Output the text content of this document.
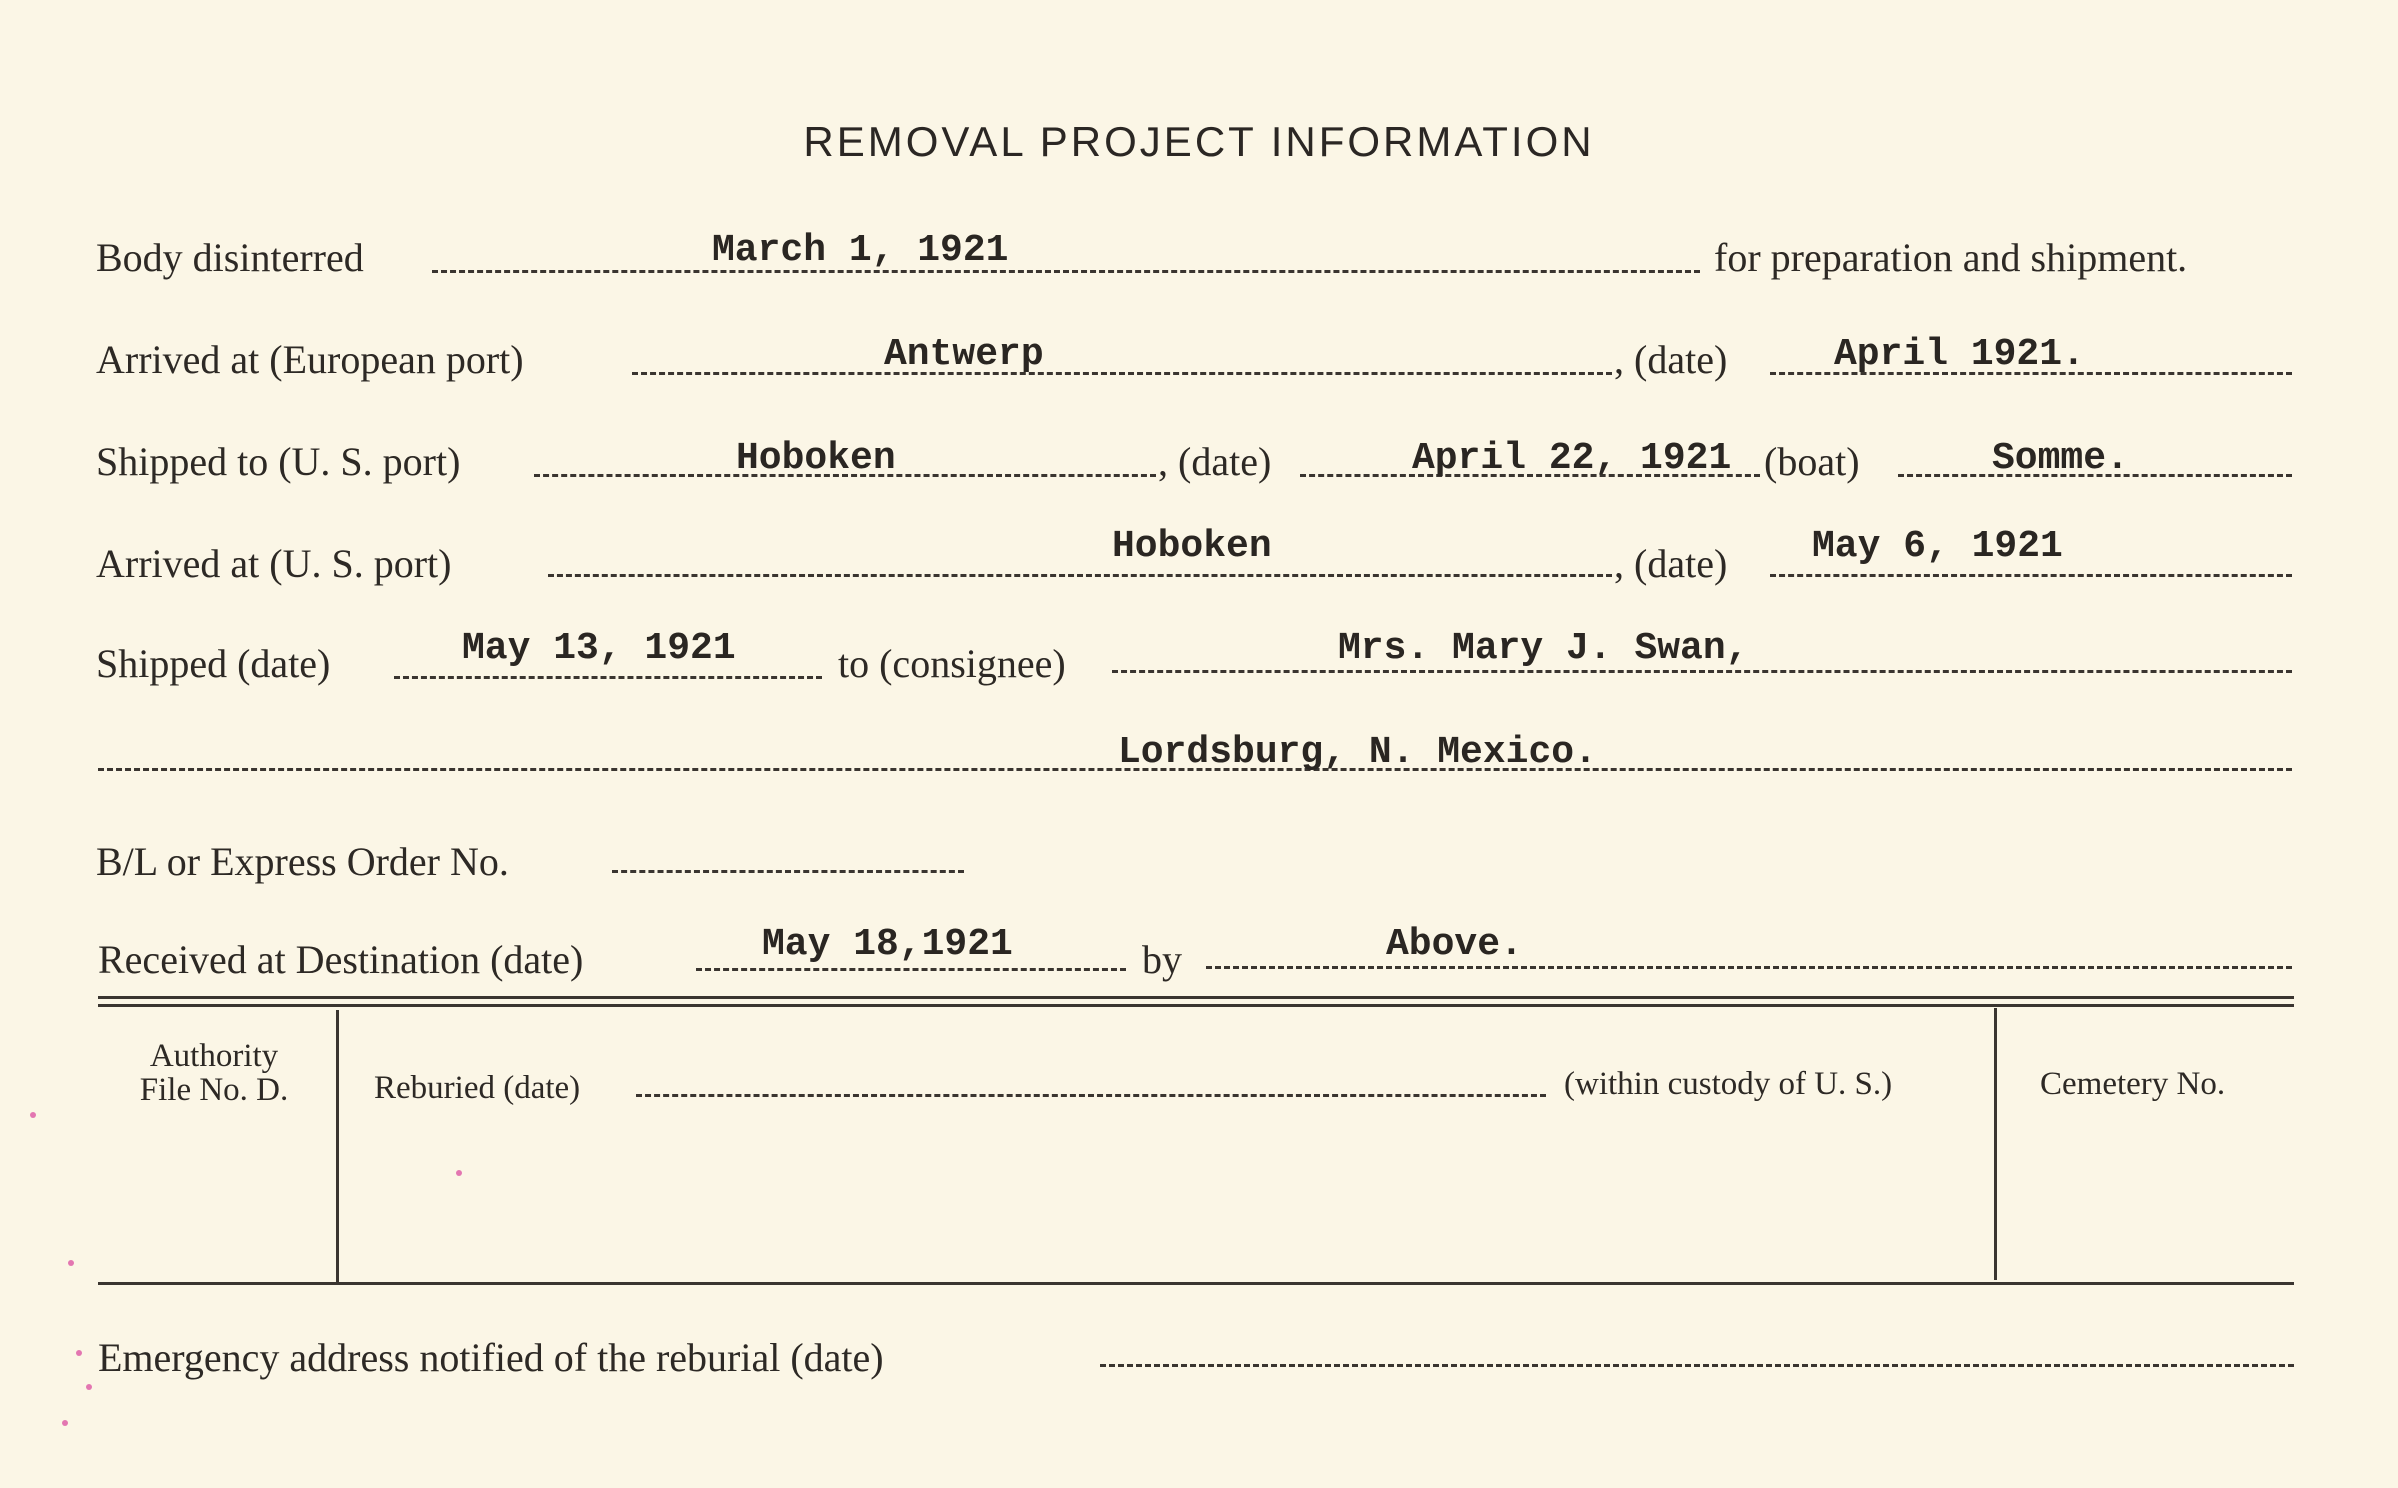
REMOVAL PROJECT INFORMATION
Body disinterred	March 1, 1921	for preparation and shipment.
Arrived at (European port)	Antwerp	, (date)	April 1921.
Shipped to (U. S. port)	Hoboken	, (date)	April 22, 1921 (boat)	Somme.
Arrived at (U. S. port)	Hoboken	, (date) May 6, 1921
Shipped (date)	May 13, 1921	to (consignee)	Mrs. Mary J. Swan,
Lordsburg, N. Mexico.
B/L or Express Order No.
Received at Destination (date)	May 18,1921	by	Above.
Authority
File No. D.	Reburied (date)	(within custody of U. S.)	Cemetery No.
Emergency address notified of the reburial (date)
